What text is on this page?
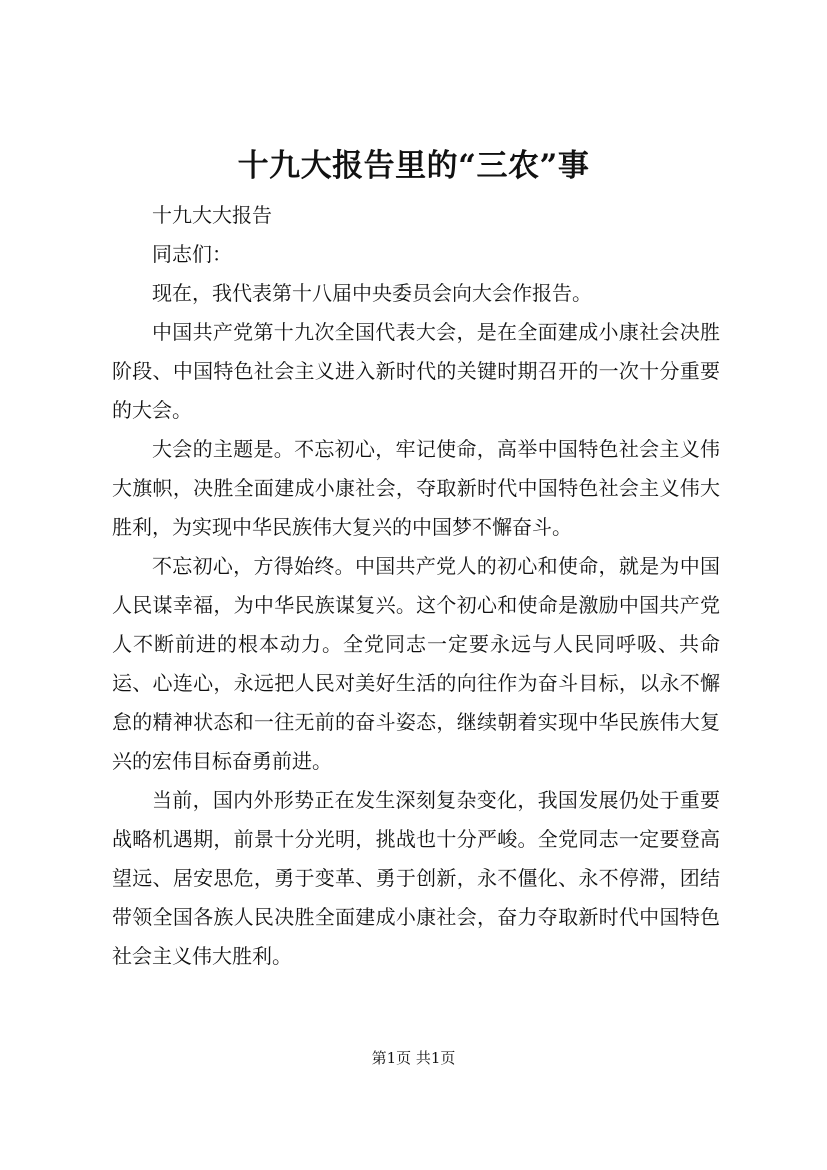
十九大报告里的“三农”事

十九大大报告

同志们：

现在，我代表第十八届中央委员会向大会作报告。

中国共产党第十九次全国代表大会，是在全面建成小康社会决胜阶段、中国特色社会主义进入新时代的关键时期召开的一次十分重要的大会。

大会的主题是。不忘初心，牢记使命，高举中国特色社会主义伟大旗帜，决胜全面建成小康社会，夺取新时代中国特色社会主义伟大胜利，为实现中华民族伟大复兴的中国梦不懈奋斗。

不忘初心，方得始终。中国共产党人的初心和使命，就是为中国人民谋幸福，为中华民族谋复兴。这个初心和使命是激励中国共产党人不断前进的根本动力。全党同志一定要永远与人民同呼吸、共命运、心连心，永远把人民对美好生活的向往作为奋斗目标，以永不懈怠的精神状态和一往无前的奋斗姿态，继续朝着实现中华民族伟大复兴的宏伟目标奋勇前进。

当前，国内外形势正在发生深刻复杂变化，我国发展仍处于重要战略机遇期，前景十分光明，挑战也十分严峻。全党同志一定要登高望远、居安思危，勇于变革、勇于创新，永不僵化、永不停滞，团结带领全国各族人民决胜全面建成小康社会，奋力夺取新时代中国特色社会主义伟大胜利。

第1页 共1页
